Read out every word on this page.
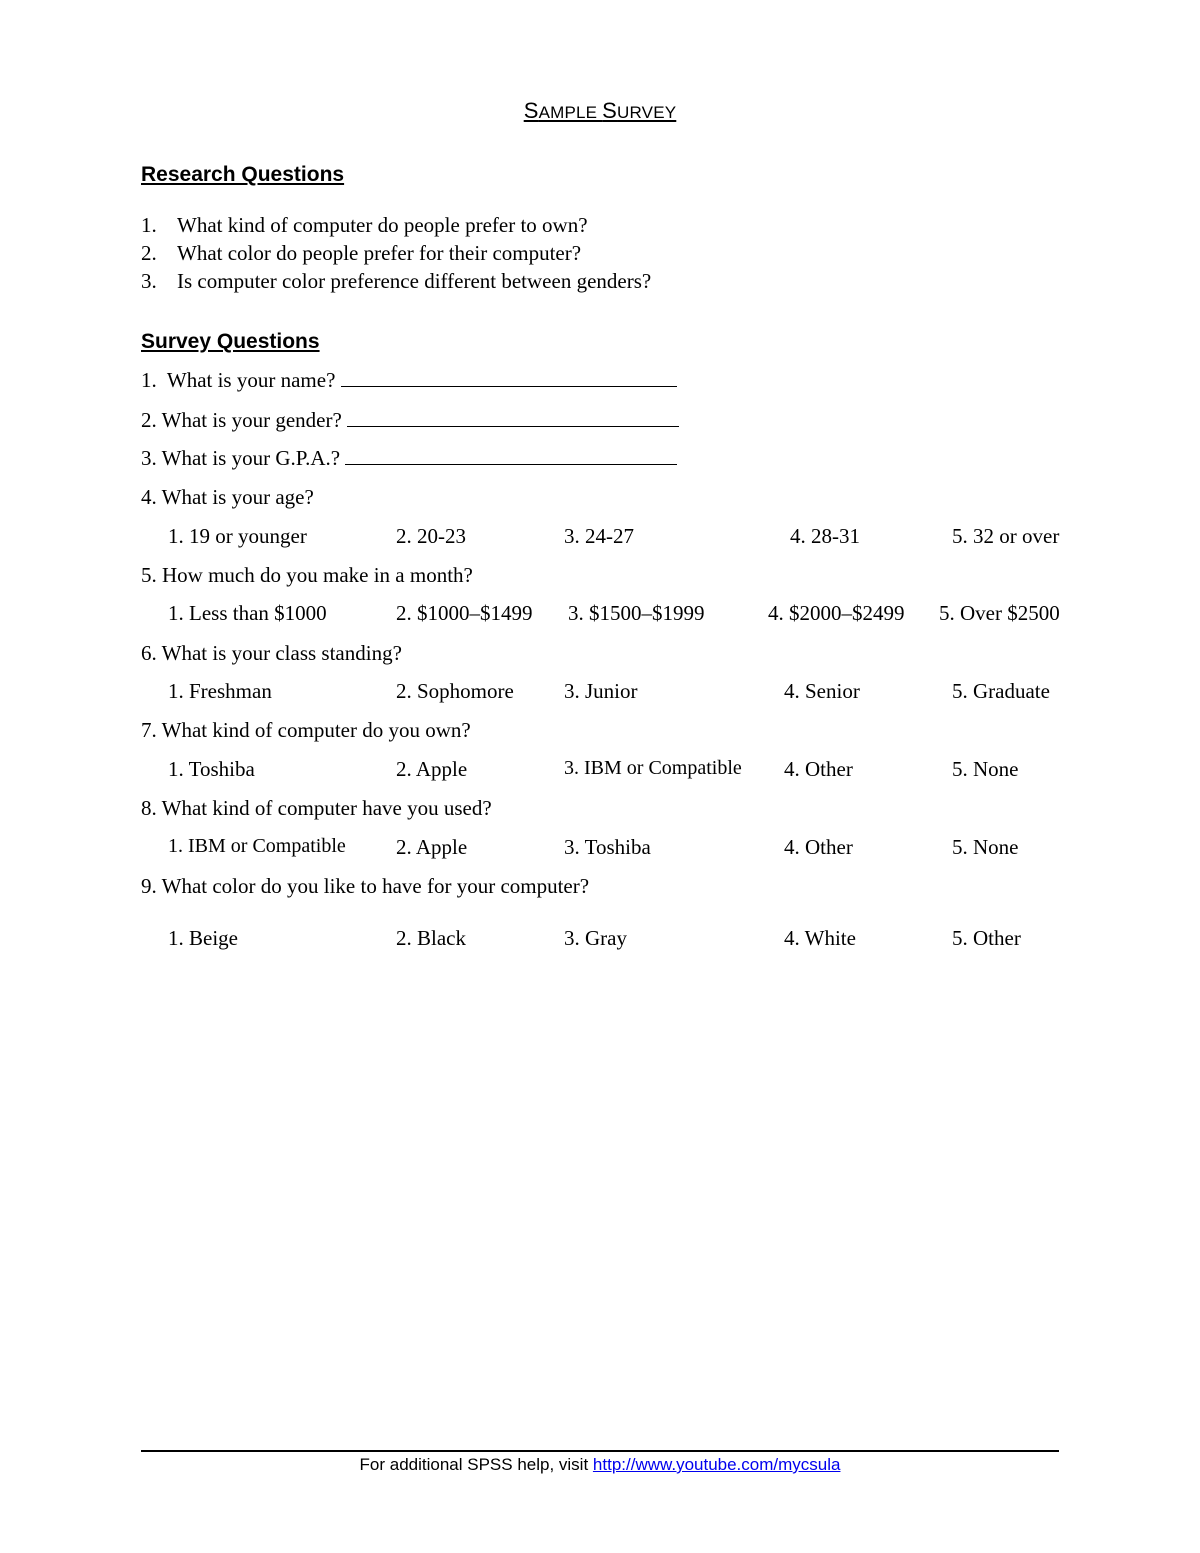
SAMPLE SURVEY
Research Questions
1. What kind of computer do people prefer to own?
2. What color do people prefer for their computer?
3. Is computer color preference different between genders?
Survey Questions
1. What is your name?
2. What is your gender?
3. What is your G.P.A.?
4. What is your age?
1. 19 or younger	2. 20-23	3. 24-27	4. 28-31	5. 32 or over
5. How much do you make in a month?
1. Less than $1000	2. $1000–$1499 3. $1500–$1999	4. $2000–$2499 5. Over $2500
6. What is your class standing?
1. Freshman	2. Sophomore 3. Junior	4. Senior	5. Graduate
7. What kind of computer do you own?
1. Toshiba	2. Apple	3. IBM or Compatible 4. Other	5. None
8. What kind of computer have you used?
1. IBM or Compatible 2. Apple	3. Toshiba	4. Other	5. None
9. What color do you like to have for your computer?
1. Beige	2. Black	3. Gray	4. White	5. Other
For additional SPSS help, visit http://www.youtube.com/mycsula
